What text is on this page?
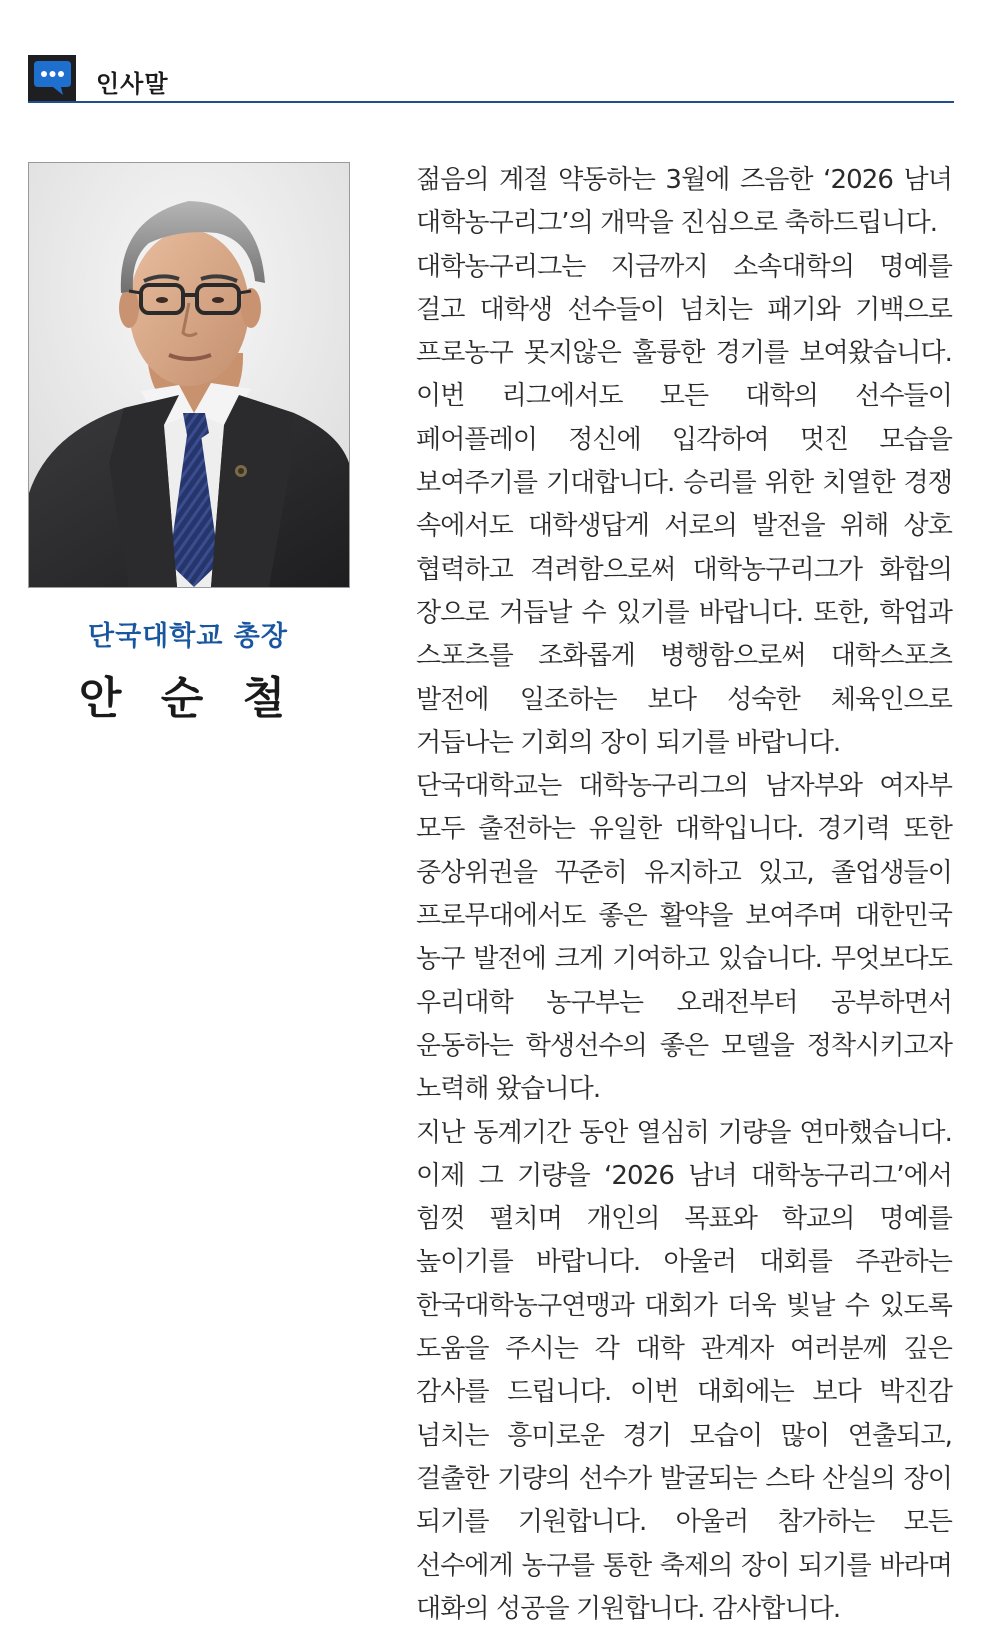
인사말
단국대학교 총장
안 순 철

젊음의 계절 약동하는 3월에 즈음한 ‘2026 남녀 대학농구리그’의 개막을 진심으로 축하드립니다.

대학농구리그는 지금까지 소속대학의 명예를 걸고 대학생 선수들이 넘치는 패기와 기백으로 프로농구 못지않은 훌륭한 경기를 보여왔습니다. 이번 리그에서도 모든 대학의 선수들이 페어플레이 정신에 입각하여 멋진 모습을 보여주기를 기대합니다. 승리를 위한 치열한 경쟁 속에서도 대학생답게 서로의 발전을 위해 상호 협력하고 격려함으로써 대학농구리그가 화합의 장으로 거듭날 수 있기를 바랍니다. 또한, 학업과 스포츠를 조화롭게 병행함으로써 대학스포츠 발전에 일조하는 보다 성숙한 체육인으로 거듭나는 기회의 장이 되기를 바랍니다.

단국대학교는 대학농구리그의 남자부와 여자부 모두 출전하는 유일한 대학입니다. 경기력 또한 중상위권을 꾸준히 유지하고 있고, 졸업생들이 프로무대에서도 좋은 활약을 보여주며 대한민국 농구 발전에 크게 기여하고 있습니다. 무엇보다도 우리대학 농구부는 오래전부터 공부하면서 운동하는 학생선수의 좋은 모델을 정착시키고자 노력해 왔습니다.

지난 동계기간 동안 열심히 기량을 연마했습니다. 이제 그 기량을 ‘2026 남녀 대학농구리그’에서 힘껏 펼치며 개인의 목표와 학교의 명예를 높이기를 바랍니다. 아울러 대회를 주관하는 한국대학농구연맹과 대회가 더욱 빛날 수 있도록 도움을 주시는 각 대학 관계자 여러분께 깊은 감사를 드립니다. 이번 대회에는 보다 박진감 넘치는 흥미로운 경기 모습이 많이 연출되고, 걸출한 기량의 선수가 발굴되는 스타 산실의 장이 되기를 기원합니다. 아울러 참가하는 모든 선수에게 농구를 통한 축제의 장이 되기를 바라며 대화의 성공을 기원합니다. 감사합니다.
